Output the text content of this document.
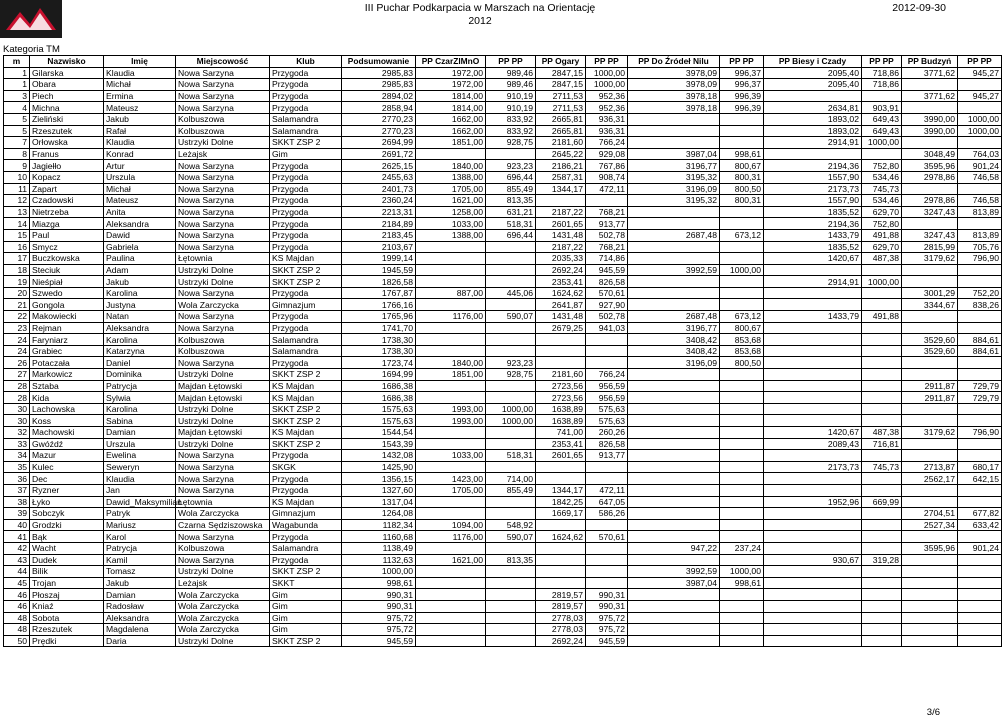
III Puchar Podkarpacia w Marszach na Orientację
2012
2012-09-30
Kategoria TM
m	Nazwisko	Imię	Miejscowość	Klub	Podsumowanie	PP CzarZlMnO	PP PP	PP Ogary	PP PP	PP Do Źródeł Nilu	PP PP	PP Biesy i Czady	PP PP	PP Budzyń	PP PP
1	Gilarska	Klaudia	Nowa Sarzyna	Przygoda	2985,83	1972,00	989,46	2847,15	1000,00	3978,09	996,37	2095,40	718,86	3771,62	945,27
1	Obara	Michał	Nowa Sarzyna	Przygoda	2985,83	1972,00	989,46	2847,15	1000,00	3978,09	996,37	2095,40	718,86		
3	Piech	Ermina	Nowa Sarzyna	Przygoda	2894,02	1814,00	910,19	2711,53	952,36	3978,18	996,39			3771,62	945,27
4	Michna	Mateusz	Nowa Sarzyna	Przygoda	2858,94	1814,00	910,19	2711,53	952,36	3978,18	996,39	2634,81	903,91		
5	Zieliński	Jakub	Kolbuszowa	Salamandra	2770,23	1662,00	833,92	2665,81	936,31			1893,02	649,43	3990,00	1000,00
5	Rzeszutek	Rafał	Kolbuszowa	Salamandra	2770,23	1662,00	833,92	2665,81	936,31			1893,02	649,43	3990,00	1000,00
7	Orłowska	Klaudia	Ustrzyki Dolne	SKKT ZSP 2	2694,99	1851,00	928,75	2181,60	766,24			2914,91	1000,00		
8	Franus	Konrad	Leżajsk	Gim	2691,72			2645,22	929,08	3987,04	998,61			3048,49	764,03
9	Jagiełło	Artur	Nowa Sarzyna	Przygoda	2625,15	1840,00	923,23	2186,21	767,86	3196,77	800,67	2194,36	752,80	3595,96	901,24
10	Kopacz	Urszula	Nowa Sarzyna	Przygoda	2455,63	1388,00	696,44	2587,31	908,74	3195,32	800,31	1557,90	534,46	2978,86	746,58
11	Zapart	Michał	Nowa Sarzyna	Przygoda	2401,73	1705,00	855,49	1344,17	472,11	3196,09	800,50	2173,73	745,73		
12	Czadowski	Mateusz	Nowa Sarzyna	Przygoda	2360,24	1621,00	813,35			3195,32	800,31	1557,90	534,46	2978,86	746,58
13	Nietrzeba	Anita	Nowa Sarzyna	Przygoda	2213,31	1258,00	631,21	2187,22	768,21			1835,52	629,70	3247,43	813,89
14	Miazga	Aleksandra	Nowa Sarzyna	Przygoda	2184,89	1033,00	518,31	2601,65	913,77			2194,36	752,80		
15	Paul	Dawid	Nowa Sarzyna	Przygoda	2183,45	1388,00	696,44	1431,48	502,78	2687,48	673,12	1433,79	491,88	3247,43	813,89
16	Smycz	Gabriela	Nowa Sarzyna	Przygoda	2103,67			2187,22	768,21			1835,52	629,70	2815,99	705,76
17	Buczkowska	Paulina	Łętownia	KS Majdan	1999,14			2035,33	714,86			1420,67	487,38	3179,62	796,90
18	Steciuk	Adam	Ustrzyki Dolne	SKKT ZSP 2	1945,59			2692,24	945,59	3992,59	1000,00				
19	Nieśpiał	Jakub	Ustrzyki Dolne	SKKT ZSP 2	1826,58			2353,41	826,58			2914,91	1000,00		
20	Szwedo	Karolina	Nowa Sarzyna	Przygoda	1767,87	887,00	445,06	1624,62	570,61					3001,29	752,20
21	Gongola	Justyna	Wola Zarczycka	Gimnazjum	1766,16			2641,87	927,90					3344,67	838,26
22	Makowiecki	Natan	Nowa Sarzyna	Przygoda	1765,96	1176,00	590,07	1431,48	502,78	2687,48	673,12	1433,79	491,88		
23	Rejman	Aleksandra	Nowa Sarzyna	Przygoda	1741,70			2679,25	941,03	3196,77	800,67				
24	Faryniarz	Karolina	Kolbuszowa	Salamandra	1738,30					3408,42	853,68			3529,60	884,61
24	Grabiec	Katarzyna	Kolbuszowa	Salamandra	1738,30					3408,42	853,68			3529,60	884,61
26	Potaczała	Daniel	Nowa Sarzyna	Przygoda	1723,74	1840,00	923,23			3196,09	800,50				
27	Markowicz	Dominika	Ustrzyki Dolne	SKKT ZSP 2	1694,99	1851,00	928,75	2181,60	766,24						
28	Sztaba	Patrycja	Majdan Łętowski	KS Majdan	1686,38			2723,56	956,59					2911,87	729,79
28	Kida	Sylwia	Majdan Łętowski	KS Majdan	1686,38			2723,56	956,59					2911,87	729,79
30	Lachowska	Karolina	Ustrzyki Dolne	SKKT ZSP 2	1575,63	1993,00	1000,00	1638,89	575,63						
30	Koss	Sabina	Ustrzyki Dolne	SKKT ZSP 2	1575,63	1993,00	1000,00	1638,89	575,63						
32	Machowski	Damian	Majdan Łętowski	KS Majdan	1544,54			741,00	260,26			1420,67	487,38	3179,62	796,90
33	Gwóźdź	Urszula	Ustrzyki Dolne	SKKT ZSP 2	1543,39			2353,41	826,58			2089,43	716,81		
34	Mazur	Ewelina	Nowa Sarzyna	Przygoda	1432,08	1033,00	518,31	2601,65	913,77						
35	Kulec	Seweryn	Nowa Sarzyna	SKGK	1425,90							2173,73	745,73	2713,87	680,17
36	Dec	Klaudia	Nowa Sarzyna	Przygoda	1356,15	1423,00	714,00							2562,17	642,15
37	Ryzner	Jan	Nowa Sarzyna	Przygoda	1327,60	1705,00	855,49	1344,17	472,11						
38	Łyko	Dawid_Maksymilian	Łętownia	KS Majdan	1317,04			1842,25	647,05			1952,96	669,99		
39	Sobczyk	Patryk	Wola Zarczycka	Gimnazjum	1264,08			1669,17	586,26					2704,51	677,82
40	Grodzki	Mariusz	Czarna Sędziszowska	Wagabunda	1182,34	1094,00	548,92							2527,34	633,42
41	Bąk	Karol	Nowa Sarzyna	Przygoda	1160,68	1176,00	590,07	1624,62	570,61						
42	Wacht	Patrycja	Kolbuszowa	Salamandra	1138,49					947,22	237,24			3595,96	901,24
43	Dudek	Kamil	Nowa Sarzyna	Przygoda	1132,63	1621,00	813,35					930,67	319,28		
44	Bilik	Tomasz	Ustrzyki Dolne	SKKT ZSP 2	1000,00					3992,59	1000,00				
45	Trojan	Jakub	Leżajsk	SKKT	998,61					3987,04	998,61				
46	Płoszaj	Damian	Wola Zarczycka	Gim	990,31			2819,57	990,31						
46	Kniaź	Radosław	Wola Zarczycka	Gim	990,31			2819,57	990,31						
48	Sobota	Aleksandra	Wola Zarczycka	Gim	975,72			2778,03	975,72						
48	Rzeszutek	Magdalena	Wola Zarczycka	Gim	975,72			2778,03	975,72						
50	Prędki	Daria	Ustrzyki Dolne	SKKT ZSP 2	945,59			2692,24	945,59						
3/6
